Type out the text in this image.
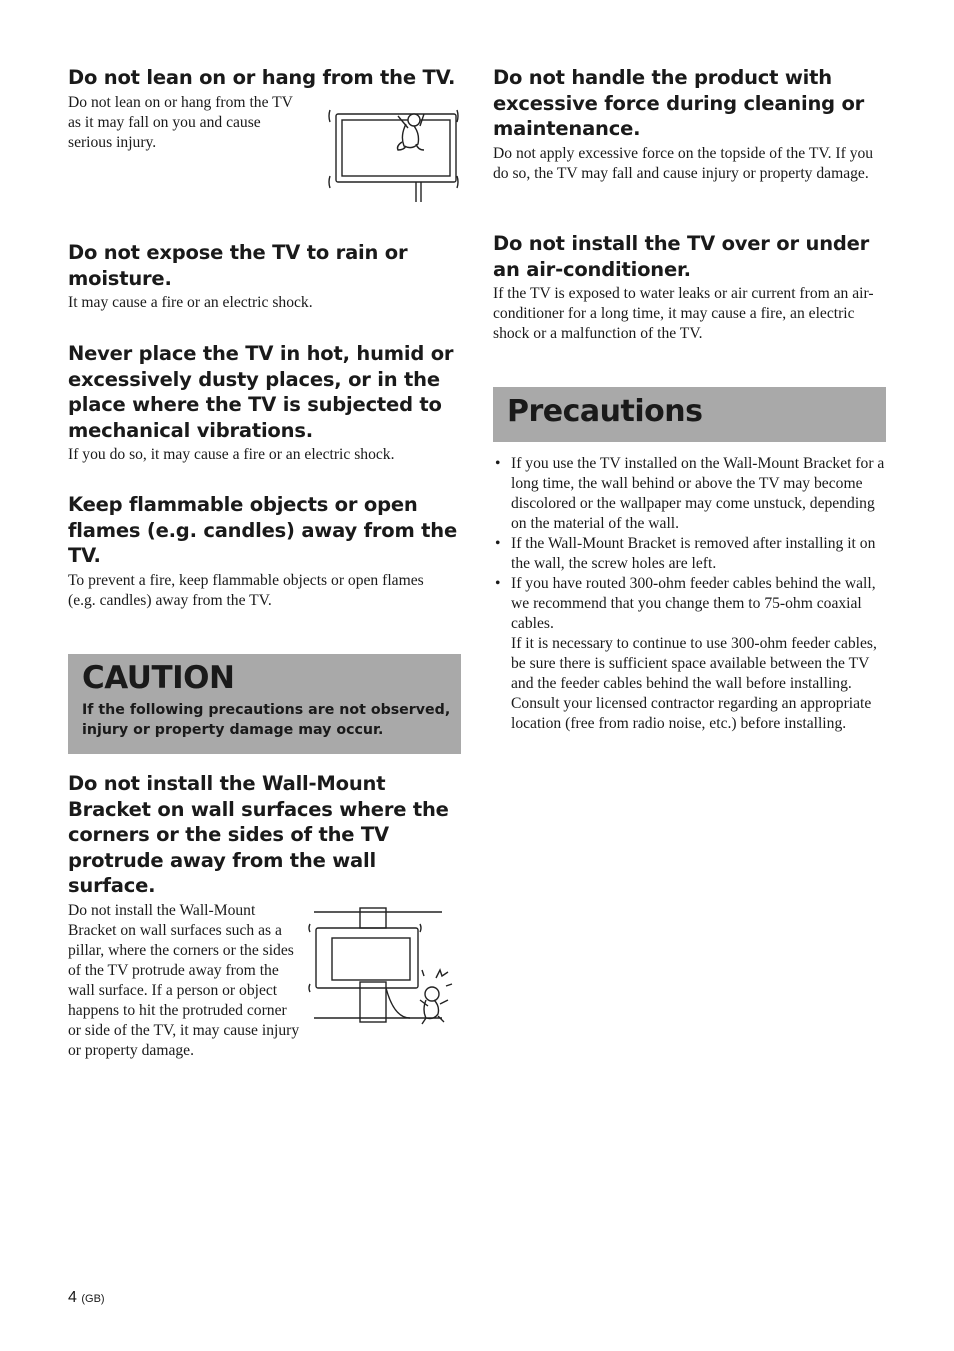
Do not lean on or hang from the TV.

Do not lean on or hang from the TV as it may fall on you and cause serious injury.

Do not expose the TV to rain or moisture.

It may cause a fire or an electric shock.

Never place the TV in hot, humid or excessively dusty places, or in the place where the TV is subjected to mechanical vibrations.

If you do so, it may cause a fire or an electric shock.

Keep flammable objects or open flames (e.g. candles) away from the TV.

To prevent a fire, keep flammable objects or open flames (e.g. candles) away from the TV.

CAUTION
If the following precautions are not observed, injury or property damage may occur.
Do not install the Wall-Mount Bracket on wall surfaces where the corners or the sides of the TV protrude away from the wall surface.

Do not install the Wall-Mount Bracket on wall surfaces such as a pillar, where the corners or the sides of the TV protrude away from the wall surface. If a person or object happens to hit the protruded corner or side of the TV, it may cause injury or property damage.

Do not handle the product with excessive force during cleaning or maintenance.

Do not apply excessive force on the topside of the TV. If you do so, the TV may fall and cause injury or property damage.

Do not install the TV over or under an air-conditioner.

If the TV is exposed to water leaks or air current from an air-conditioner for a long time, it may cause a fire, an electric shock or a malfunction of the TV.

Precautions
• If you use the TV installed on the Wall-Mount Bracket for a long time, the wall behind or above the TV may become discolored or the wallpaper may come unstuck, depending on the material of the wall.
• If the Wall-Mount Bracket is removed after installing it on the wall, the screw holes are left.
• If you have routed 300-ohm feeder cables behind the wall, we recommend that you change them to 75-ohm coaxial cables.
If it is necessary to continue to use 300-ohm feeder cables, be sure there is sufficient space available between the TV and the feeder cables behind the wall before installing. Consult your licensed contractor regarding an appropriate location (free from radio noise, etc.) before installing.
4 (GB)
